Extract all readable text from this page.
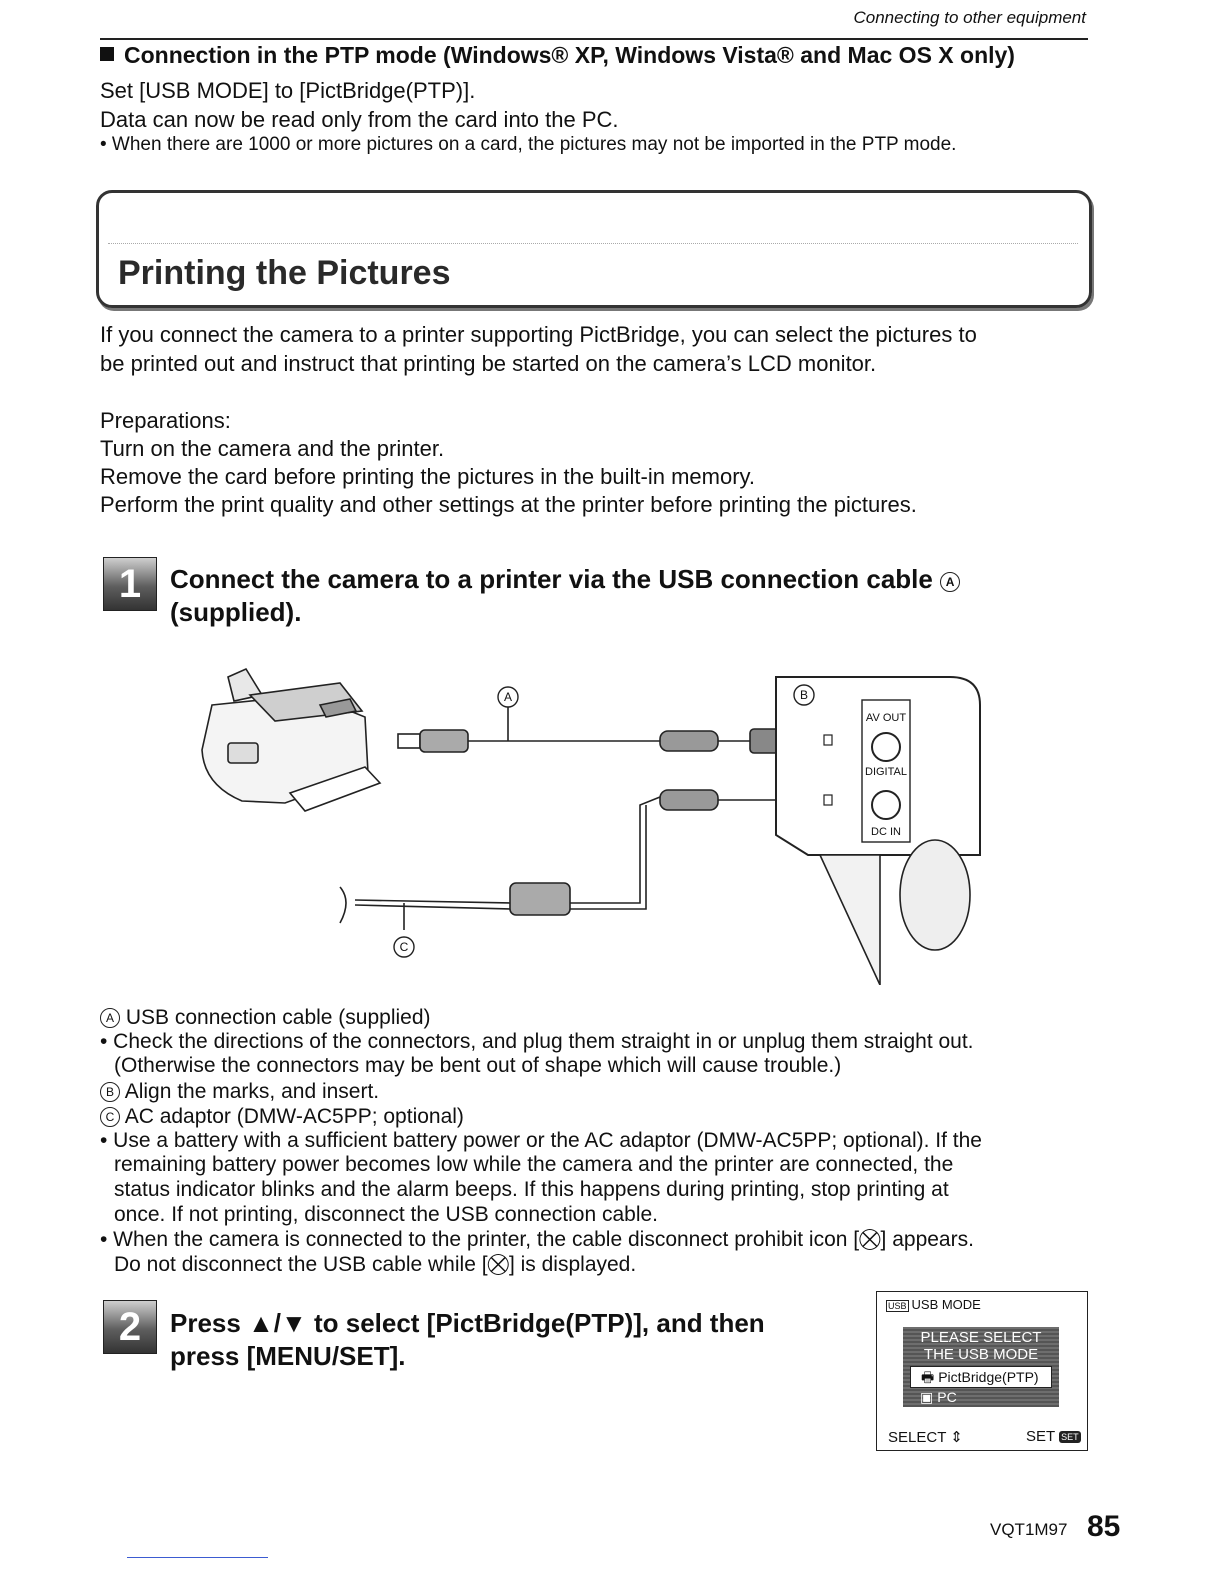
Connecting to other equipment
Connection in the PTP mode (Windows® XP, Windows Vista® and Mac OS X only)
Set [USB MODE] to [PictBridge(PTP)].
Data can now be read only from the card into the PC.
• When there are 1000 or more pictures on a card, the pictures may not be imported in the PTP mode.
Printing the Pictures
If you connect the camera to a printer supporting PictBridge, you can select the pictures to
be printed out and instruct that printing be started on the camera’s LCD monitor.
Preparations:
Turn on the camera and the printer.
Remove the card before printing the pictures in the built-in memory.
Perform the print quality and other settings at the printer before printing the pictures.
1	Connect the camera to a printer via the USB connection cable A
(supplied).
A	B
C
AV OUT
DIGITAL
DC IN
A USB connection cable (supplied)
• Check the directions of the connectors, and plug them straight in or unplug them straight out.
(Otherwise the connectors may be bent out of shape which will cause trouble.)
B Align the marks, and insert.
C AC adaptor (DMW-AC5PP; optional)
• Use a battery with a sufficient battery power or the AC adaptor (DMW-AC5PP; optional). If the
remaining battery power becomes low while the camera and the printer are connected, the
status indicator blinks and the alarm beeps. If this happens during printing, stop printing at
once. If not printing, disconnect the USB connection cable.
• When the camera is connected to the printer, the cable disconnect prohibit icon [⛒] appears.
Do not disconnect the USB cable while [⛒] is displayed.
2	Press ▲/▼ to select [PictBridge(PTP)], and then
press [MENU/SET].
USB USB MODE
PLEASE SELECT
THE USB MODE
🖶 PictBridge(PTP)
▣ PC
SELECT ⇕	SET SET
VQT1M97 85
